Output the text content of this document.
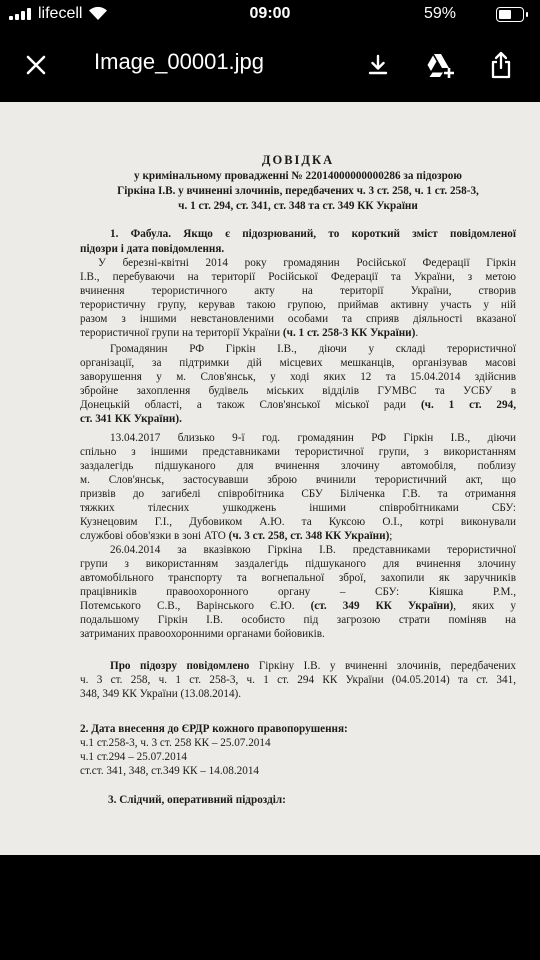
lifecell	09:00	59%
Image_00001.jpg
ДОВІДКА
у кримінальному провадженні № 22014000000000286 за підозрою
Гіркіна І.В. у вчиненні злочинів, передбачених ч. 3 ст. 258, ч. 1 ст. 258-3,
ч. 1 ст. 294, ст. 341, ст. 348 та ст. 349 КК України
1. Фабула. Якщо є підозрюваний, то короткий зміст повідомленої
підозри і дата повідомлення.
У березні-квітні 2014 року громадянин Російської Федерації Гіркін
І.В., перебуваючи на території Російської Федерації та України, з метою
вчинення терористичного акту на території України, створив
терористичну групу, керував такою групою, приймав активну участь у ній
разом з іншими невстановленими особами та сприяв діяльності вказаної
терористичної групи на території України (ч. 1 ст. 258-3 КК України).
Громадянин РФ Гіркін І.В., діючи у складі терористичної
організації, за підтримки дій місцевих мешканців, організував масові
заворушення у м. Слов'янськ, у ході яких 12 та 15.04.2014 здійснив
збройне захоплення будівель міських відділів ГУМВС та УСБУ в
Донецькій області, а також Слов'янської міської ради (ч. 1 ст. 294,
ст. 341 КК України).
13.04.2017 близько 9-ї год. громадянин РФ Гіркін І.В., діючи
спільно з іншими представниками терористичної групи, з використанням
заздалегідь підшуканого для вчинення злочину автомобіля, поблизу
м. Слов'янськ, застосувавши зброю вчинили терористичний акт, що
призвів до загибелі співробітника СБУ Біліченка Г.В. та отримання
тяжких тілесних ушкоджень іншими співробітниками СБУ:
Кузнецовим Г.І., Дубовиком А.Ю. та Куксою О.І., котрі виконували
службові обов'язки в зоні АТО (ч. 3 ст. 258, ст. 348 КК України);
26.04.2014 за вказівкою Гіркіна І.В. представниками терористичної
групи з використанням заздалегідь підшуканого для вчинення злочину
автомобільного транспорту та вогнепальної зброї, захопили як заручників
працівників правоохоронного органу – СБУ: Кіяшка Р.М.,
Потемського С.В., Варінського Є.Ю. (ст. 349 КК України), яких у
подальшому Гіркін І.В. особисто під загрозою страти поміняв на
затриманих правоохоронними органами бойовиків.
Про підозру повідомлено Гіркіну І.В. у вчиненні злочинів, передбачених
ч. 3 ст. 258, ч. 1 ст. 258-3, ч. 1 ст. 294 КК України (04.05.2014) та ст. 341,
348, 349 КК України (13.08.2014).
2. Дата внесення до ЄРДР кожного правопорушення:
ч.1 ст.258-3, ч. 3 ст. 258 КК – 25.07.2014
ч.1 ст.294 – 25.07.2014
ст.ст. 341, 348, ст.349 КК – 14.08.2014
3. Слідчий, оперативний підрозділ:
